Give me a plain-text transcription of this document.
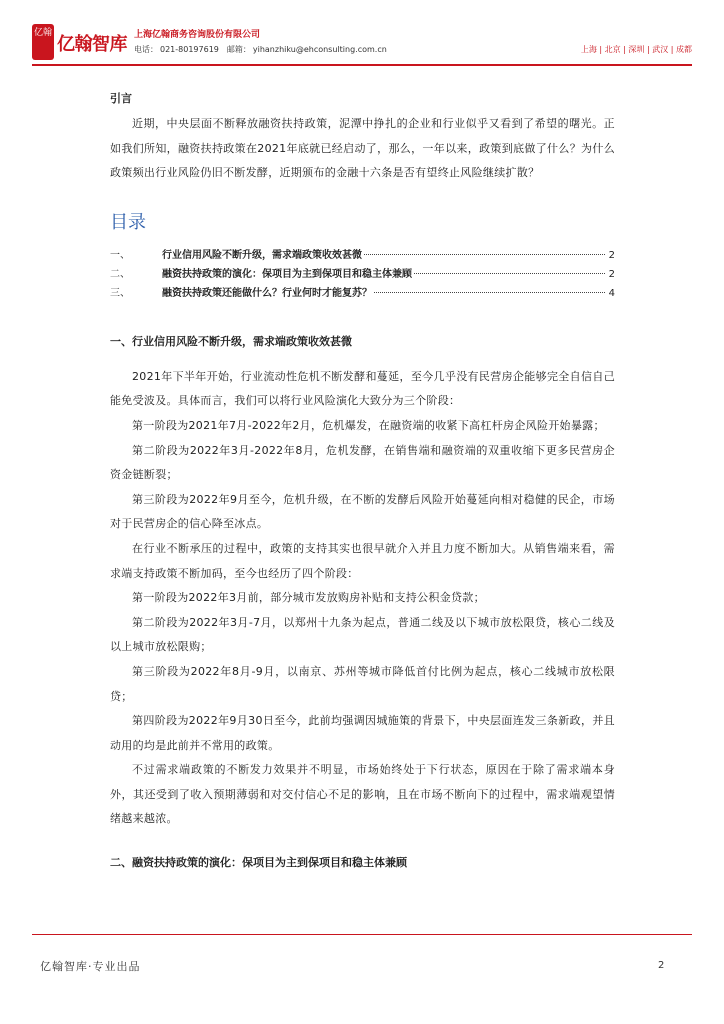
亿翰
亿翰智库 上海亿翰商务咨询股份有限公司
电话： 021-80197619 邮箱： yihanzhiku@ehconsulting.com.cn	上海 | 北京 | 深圳 | 武汉 | 成都
引言

近期，中央层面不断释放融资扶持政策，泥潭中挣扎的企业和行业似乎又看到了希望的曙光。正如我们所知，融资扶持政策在2021年底就已经启动了，那么，一年以来，政策到底做了什么？为什么政策频出行业风险仍旧不断发酵，近期颁布的金融十六条是否有望终止风险继续扩散？

目录
一、	行业信用风险不断升级，需求端政策收效甚微	2
二、	融资扶持政策的演化：保项目为主到保项目和稳主体兼顾	2
三、	融资扶持政策还能做什么？行业何时才能复苏？	4
一、行业信用风险不断升级，需求端政策收效甚微

2021年下半年开始，行业流动性危机不断发酵和蔓延，至今几乎没有民营房企能够完全自信自己能免受波及。具体而言，我们可以将行业风险演化大致分为三个阶段：

第一阶段为2021年7月-2022年2月，危机爆发，在融资端的收紧下高杠杆房企风险开始暴露；

第二阶段为2022年3月-2022年8月，危机发酵，在销售端和融资端的双重收缩下更多民营房企资金链断裂；

第三阶段为2022年9月至今，危机升级，在不断的发酵后风险开始蔓延向相对稳健的民企，市场对于民营房企的信心降至冰点。

在行业不断承压的过程中，政策的支持其实也很早就介入并且力度不断加大。从销售端来看，需求端支持政策不断加码，至今也经历了四个阶段：

第一阶段为2022年3月前，部分城市发放购房补贴和支持公积金贷款；

第二阶段为2022年3月-7月，以郑州十九条为起点，普通二线及以下城市放松限贷，核心二线及以上城市放松限购；

第三阶段为2022年8月-9月，以南京、苏州等城市降低首付比例为起点，核心二线城市放松限贷；

第四阶段为2022年9月30日至今，此前均强调因城施策的背景下，中央层面连发三条新政，并且动用的均是此前并不常用的政策。

不过需求端政策的不断发力效果并不明显，市场始终处于下行状态，原因在于除了需求端本身外，其还受到了收入预期薄弱和对交付信心不足的影响，且在市场不断向下的过程中，需求端观望情绪越来越浓。

二、融资扶持政策的演化：保项目为主到保项目和稳主体兼顾
亿翰智库·专业出品	2
